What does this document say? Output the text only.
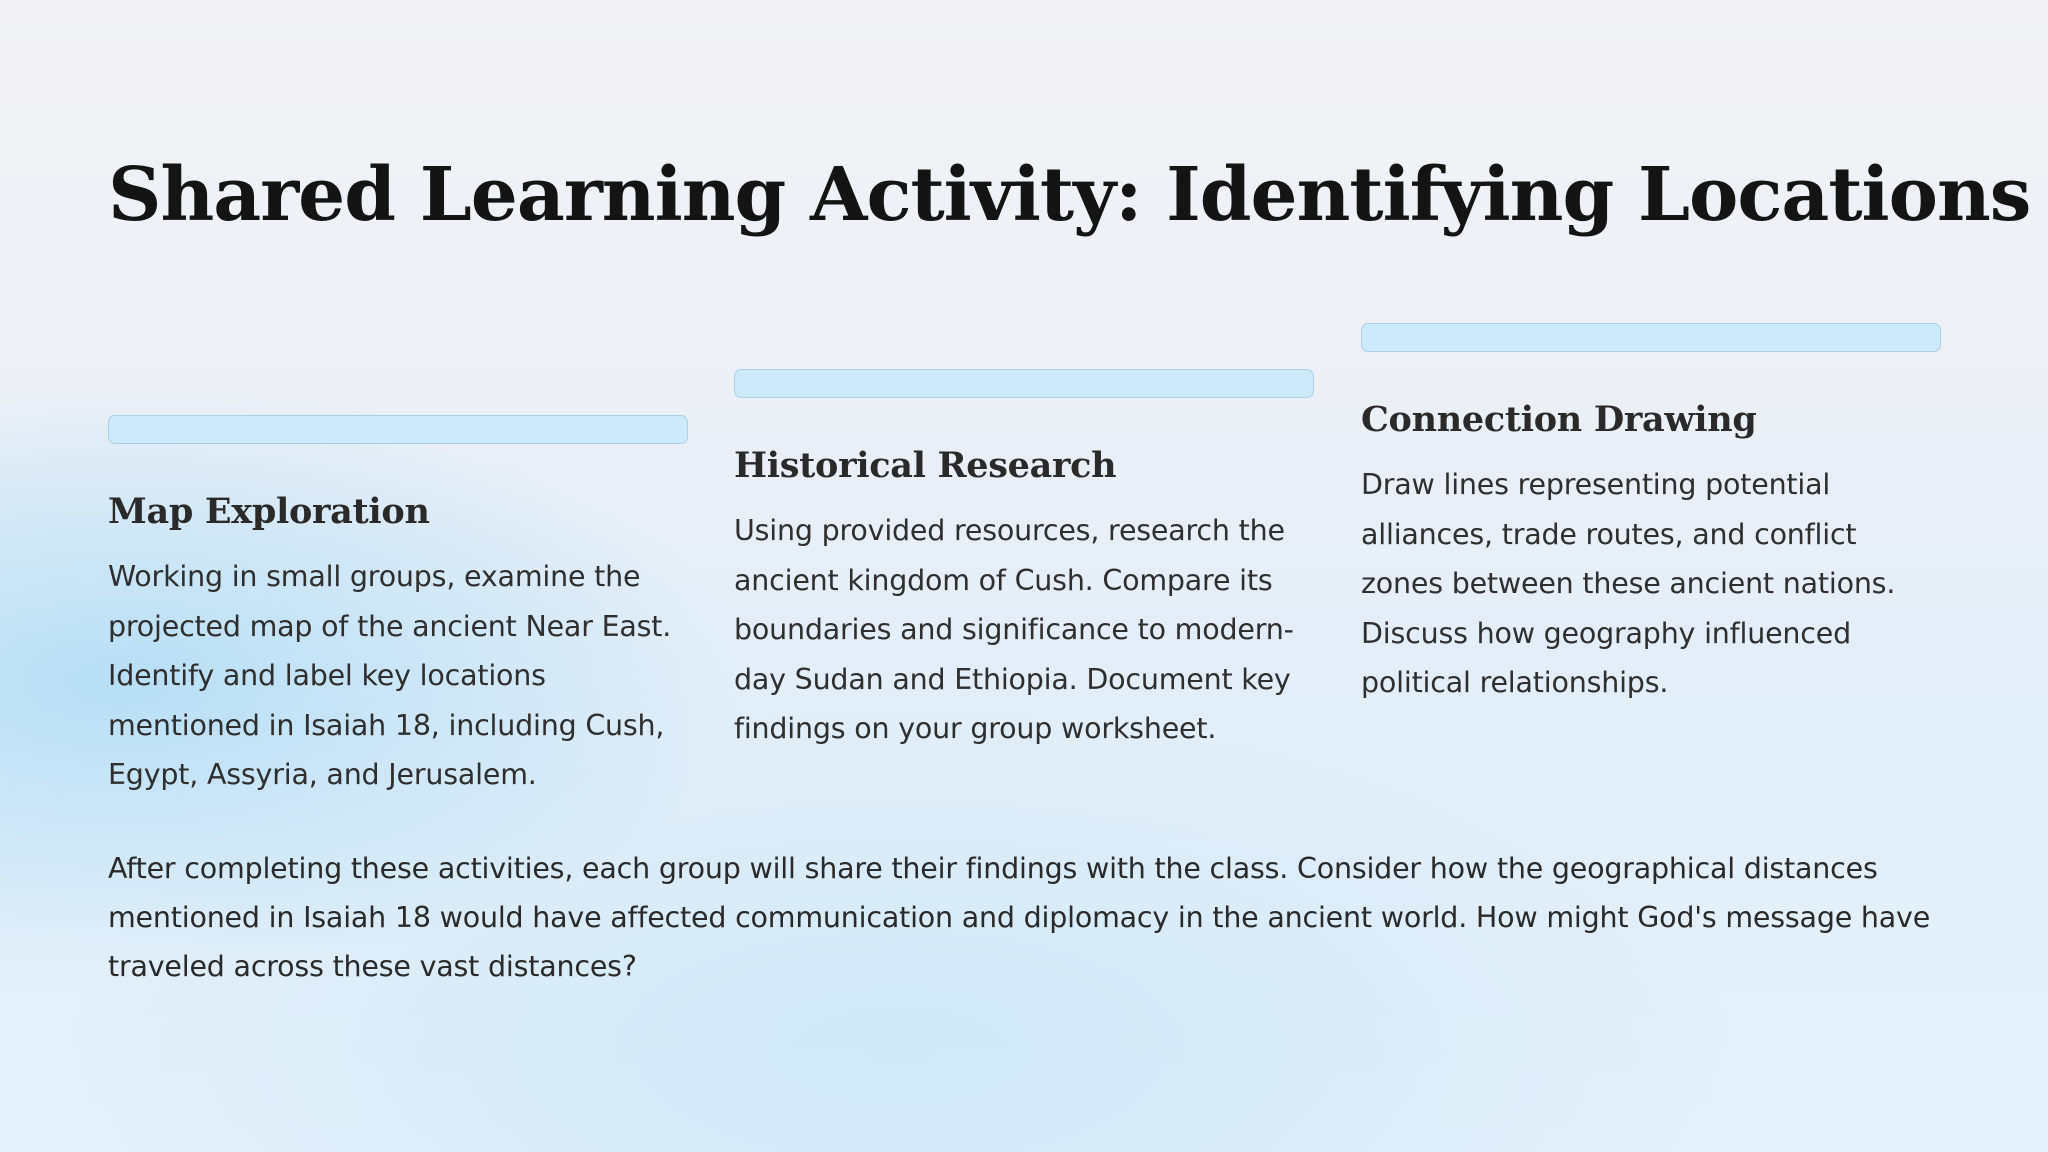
Shared Learning Activity: Identifying Locations
Map Exploration

Working in small groups, examine the projected map of the ancient Near East. Identify and label key locations mentioned in Isaiah 18, including Cush, Egypt, Assyria, and Jerusalem.

Historical Research

Using provided resources, research the ancient kingdom of Cush. Compare its boundaries and significance to modern-day Sudan and Ethiopia. Document key findings on your group worksheet.

Connection Drawing

Draw lines representing potential alliances, trade routes, and conflict zones between these ancient nations. Discuss how geography influenced political relationships.

After completing these activities, each group will share their findings with the class. Consider how the geographical distances mentioned in Isaiah 18 would have affected communication and diplomacy in the ancient world. How might God's message have traveled across these vast distances?
